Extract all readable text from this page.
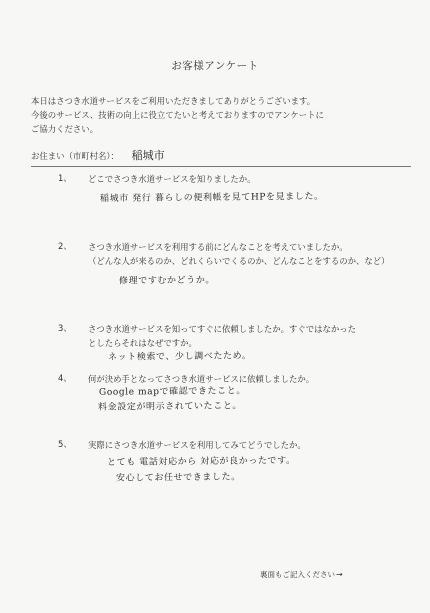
お客様アンケート
本日はさつき水道サービスをご利用いただきましてありがとうございます。
今後のサービス、技術の向上に役立てたいと考えておりますのでアンケートに
ご協力ください。
お住まい（市町村名）： 稲城市
1、 どこでさつき水道サービスを知りましたか。
稲城市 発行 暮らしの便利帳を見てHPを見ました。
2、 さつき水道サービスを利用する前にどんなことを考えていましたか。
（どんな人が来るのか、どれくらいでくるのか、どんなことをするのか、など）
修理ですむかどうか。
3、 さつき水道サービスを知ってすぐに依頼しましたか。すぐではなかった
としたらそれはなぜですか。
ネット検索で、少し調べたため。
4、 何が決め手となってさつき水道サービスに依頼しましたか。
Google mapで確認できたこと。
料金設定が明示されていたこと。
5、 実際にさつき水道サービスを利用してみてどうでしたか。
とても 電話対応から 対応が良かったです。
安心してお任せできました。
裏面もご記入ください→
